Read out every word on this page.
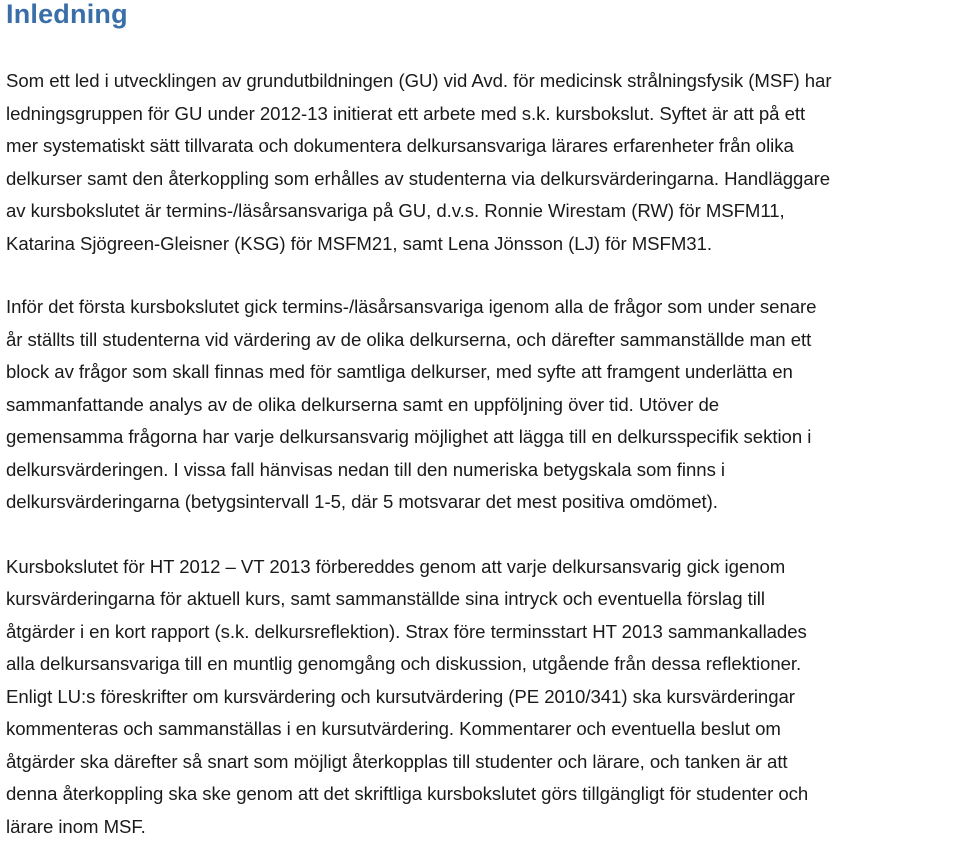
Inledning

Som ett led i utvecklingen av grundutbildningen (GU) vid Avd. för medicinsk strålningsfysik (MSF) har
ledningsgruppen för GU under 2012-13 initierat ett arbete med s.k. kursbokslut. Syftet är att på ett
mer systematiskt sätt tillvarata och dokumentera delkursansvariga lärares erfarenheter från olika
delkurser samt den återkoppling som erhålles av studenterna via delkursvärderingarna. Handläggare
av kursbokslutet är termins-/läsårsansvariga på GU, d.v.s. Ronnie Wirestam (RW) för MSFM11,
Katarina Sjögreen-Gleisner (KSG) för MSFM21, samt Lena Jönsson (LJ) för MSFM31.

Inför det första kursbokslutet gick termins-/läsårsansvariga igenom alla de frågor som under senare
år ställts till studenterna vid värdering av de olika delkurserna, och därefter sammanställde man ett
block av frågor som skall finnas med för samtliga delkurser, med syfte att framgent underlätta en
sammanfattande analys av de olika delkurserna samt en uppföljning över tid. Utöver de
gemensamma frågorna har varje delkursansvarig möjlighet att lägga till en delkursspecifik sektion i
delkursvärderingen. I vissa fall hänvisas nedan till den numeriska betygskala som finns i
delkursvärderingarna (betygsintervall 1-5, där 5 motsvarar det mest positiva omdömet).

Kursbokslutet för HT 2012 – VT 2013 förbereddes genom att varje delkursansvarig gick igenom
kursvärderingarna för aktuell kurs, samt sammanställde sina intryck och eventuella förslag till
åtgärder i en kort rapport (s.k. delkursreflektion). Strax före terminsstart HT 2013 sammankallades
alla delkursansvariga till en muntlig genomgång och diskussion, utgående från dessa reflektioner.
Enligt LU:s föreskrifter om kursvärdering och kursutvärdering (PE 2010/341) ska kursvärderingar
kommenteras och sammanställas i en kursutvärdering. Kommentarer och eventuella beslut om
åtgärder ska därefter så snart som möjligt återkopplas till studenter och lärare, och tanken är att
denna återkoppling ska ske genom att det skriftliga kursbokslutet görs tillgängligt för studenter och
lärare inom MSF.
